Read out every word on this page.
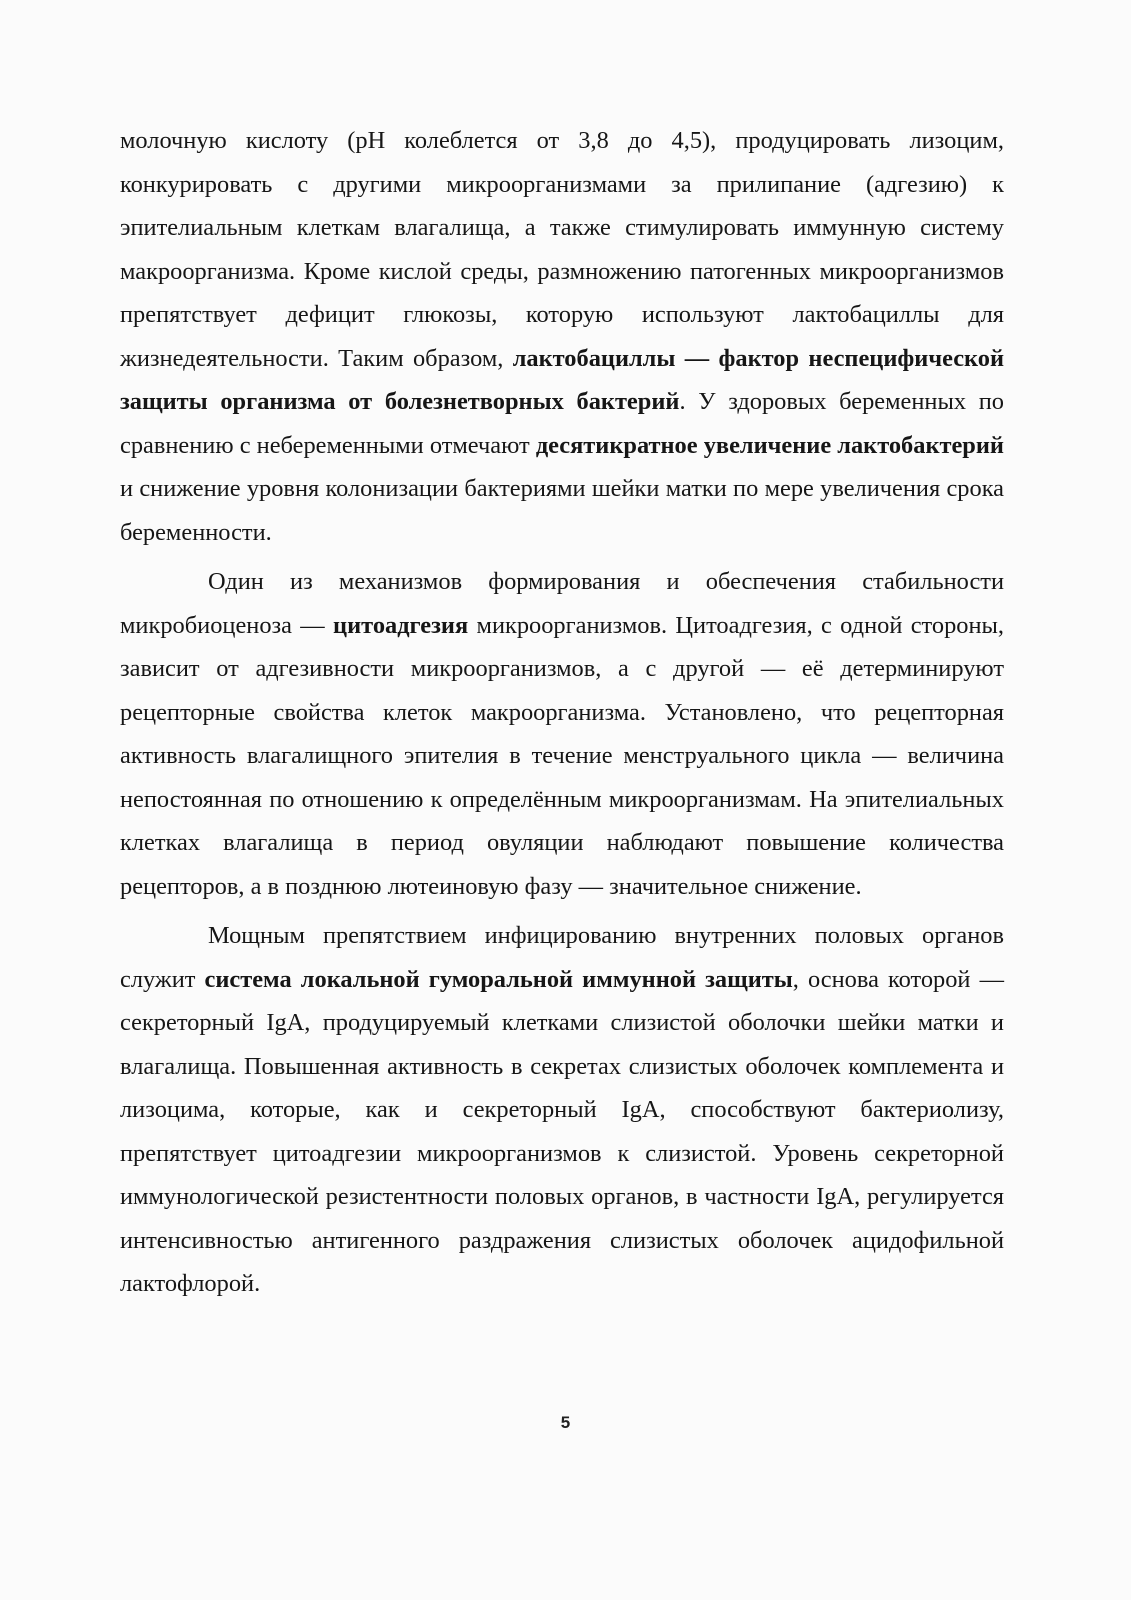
молочную кислоту (pH колеблется от 3,8 до 4,5), продуцировать лизоцим, конкурировать с другими микроорганизмами за прилипание (адгезию) к эпителиальным клеткам влагалища, а также стимулировать иммунную систему макроорганизма. Кроме кислой среды, размножению патогенных микроорганизмов препятствует дефицит глюкозы, которую используют лактобациллы для жизнедеятельности. Таким образом, лактобациллы — фактор неспецифической защиты организма от болезнетворных бактерий. У здоровых беременных по сравнению с небеременными отмечают десятикратное увеличение лактобактерий и снижение уровня колонизации бактериями шейки матки по мере увеличения срока беременности.

Один из механизмов формирования и обеспечения стабильности микробиоценоза — цитоадгезия микроорганизмов. Цитоадгезия, с одной стороны, зависит от адгезивности микроорганизмов, а с другой — её детерминируют рецепторные свойства клеток макроорганизма. Установлено, что рецепторная активность влагалищного эпителия в течение менструального цикла — величина непостоянная по отношению к определённым микроорганизмам. На эпителиальных клетках влагалища в период овуляции наблюдают повышение количества рецепторов, а в позднюю лютеиновую фазу — значительное снижение.

Мощным препятствием инфицированию внутренних половых органов служит система локальной гуморальной иммунной защиты, основа которой — секреторный IgA, продуцируемый клетками слизистой оболочки шейки матки и влагалища. Повышенная активность в секретах слизистых оболочек комплемента и лизоцима, которые, как и секреторный IgA, способствуют бактериолизу, препятствует цитоадгезии микроорганизмов к слизистой. Уровень секреторной иммунологической резистентности половых органов, в частности IgA, регулируется интенсивностью антигенного раздражения слизистых оболочек ацидофильной лактофлорой.

5
